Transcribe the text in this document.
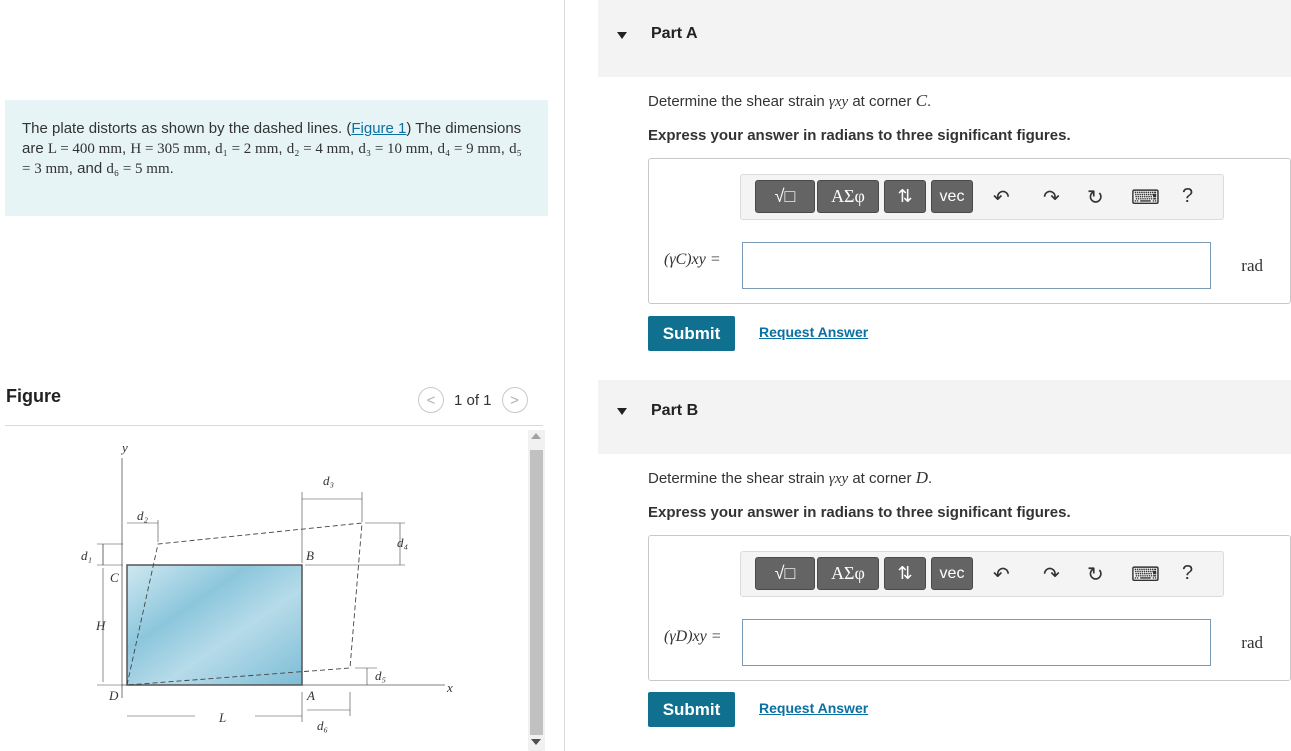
The plate distorts as shown by the dashed lines. (Figure 1) The dimensions are L = 400 mm, H = 305 mm, d₁ = 2 mm, d₂ = 4 mm, d₃ = 10 mm, d₄ = 9 mm, d₅ = 3 mm, and d₆ = 5 mm.
Figure	<	1 of 1	>
y
x
d₂
d₃
d₄
d₁
C
B
H
D	A
d₅
L
d₆
Part A
Determine the shear strain γxy at corner C.
Express your answer in radians to three significant figures.
√□	ΑΣφ	⇅	vec	↶ ↷ ↻ ⌨ ?
(γC)xy =	rad
Submit	Request Answer
Part B
Determine the shear strain γxy at corner D.
Express your answer in radians to three significant figures.
√□	ΑΣφ	⇅	vec	↶ ↷ ↻ ⌨ ?
(γD)xy =	rad
Submit	Request Answer
